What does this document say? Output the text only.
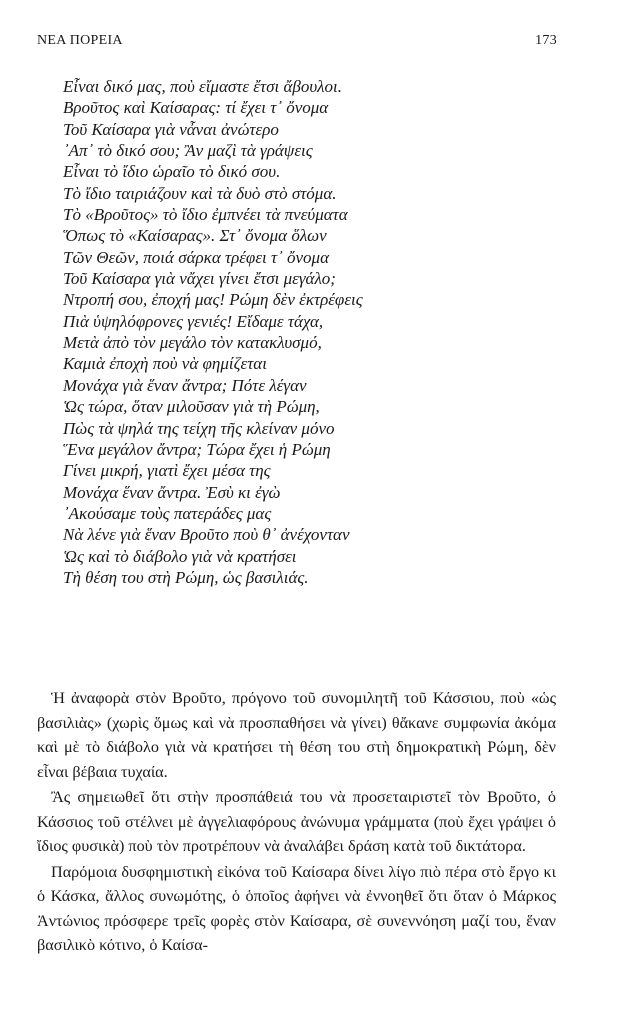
ΝΕΑ ΠΟΡΕΙΑ	173
Εἶναι δικό μας, ποὺ εἴμαστε ἔτσι ἄβουλοι.
Βροῦτος καὶ Καίσαρας: τί ἔχει τ᾽ ὄνομα
Τοῦ Καίσαρα γιὰ νἆναι ἀνώτερο
᾽Απ᾽ τὸ δικό σου; Ἂν μαζὶ τὰ γράψεις
Εἶναι τὸ ἴδιο ὡραῖο τὸ δικό σου.
Τὸ ἴδιο ταιριάζουν καὶ τὰ δυὸ στὸ στόμα.
Τὸ «Βροῦτος» τὸ ἴδιο ἐμπνέει τὰ πνεύματα
Ὅπως τὸ «Καίσαρας». Στ᾽ ὄνομα ὅλων
Τῶν Θεῶν, ποιά σάρκα τρέφει τ᾽ ὄνομα
Τοῦ Καίσαρα γιὰ νἄχει γίνει ἔτσι μεγάλο;
Ντροπή σου, ἐποχή μας! Ρώμη δὲν ἐκτρέφεις
Πιὰ ὑψηλόφρονες γενιές! Εἴδαμε τάχα,
Μετὰ ἀπὸ τὸν μεγάλο τὸν κατακλυσμό,
Καμιὰ ἐποχὴ ποὺ νὰ φημίζεται
Μονάχα γιὰ ἕναν ἄντρα; Πότε λέγαν
Ὡς τώρα, ὅταν μιλοῦσαν γιὰ τὴ Ρώμη,
Πὼς τὰ ψηλά της τείχη τῆς κλείναν μόνο
Ἕνα μεγάλον ἄντρα; Τώρα ἔχει ἡ Ρώμη
Γίνει μικρή, γιατὶ ἔχει μέσα της
Μονάχα ἕναν ἄντρα. Ἐσὺ κι ἐγὼ
᾽Ακούσαμε τοὺς πατεράδες μας
Νὰ λένε γιὰ ἕναν Βροῦτο ποὺ θ᾽ ἀνέχονταν
Ὡς καὶ τὸ διάβολο γιὰ νὰ κρατήσει
Τὴ θέση του στὴ Ρώμη, ὡς βασιλιάς.

Ἡ ἀναφορὰ στὸν Βροῦτο, πρόγονο τοῦ συνομιλητῆ τοῦ Κάσσιου, ποὺ «ὡς βασιλιὰς» (χωρὶς ὅμως καὶ νὰ προσπαθήσει νὰ γίνει) θἄκανε συμφωνία ἀκόμα καὶ μὲ τὸ διάβολο γιὰ νὰ κρατήσει τὴ θέση του στὴ δημοκρατικὴ Ρώμη, δὲν εἶναι βέβαια τυχαία.

Ἂς σημειωθεῖ ὅτι στὴν προσπάθειά του νὰ προσεταιριστεῖ τὸν Βροῦτο, ὁ Κάσσιος τοῦ στέλνει μὲ ἀγγελιαφόρους ἀνώνυμα γράμματα (ποὺ ἔχει γράψει ὁ ἴδιος φυσικὰ) ποὺ τὸν προτρέπουν νὰ ἀναλάβει δράση κατὰ τοῦ δικτάτορα.

Παρόμοια δυσφημιστικὴ εἰκόνα τοῦ Καίσαρα δίνει λίγο πιὸ πέρα στὸ ἔργο κι ὁ Κάσκα, ἄλλος συνωμότης, ὁ ὁποῖος ἀφήνει νὰ ἐννοηθεῖ ὅτι ὅταν ὁ Μάρκος Ἀντώνιος πρόσφερε τρεῖς φορὲς στὸν Καίσαρα, σὲ συνεννόηση μαζί του, ἕναν βασιλικὸ κότινο, ὁ Καίσα-
